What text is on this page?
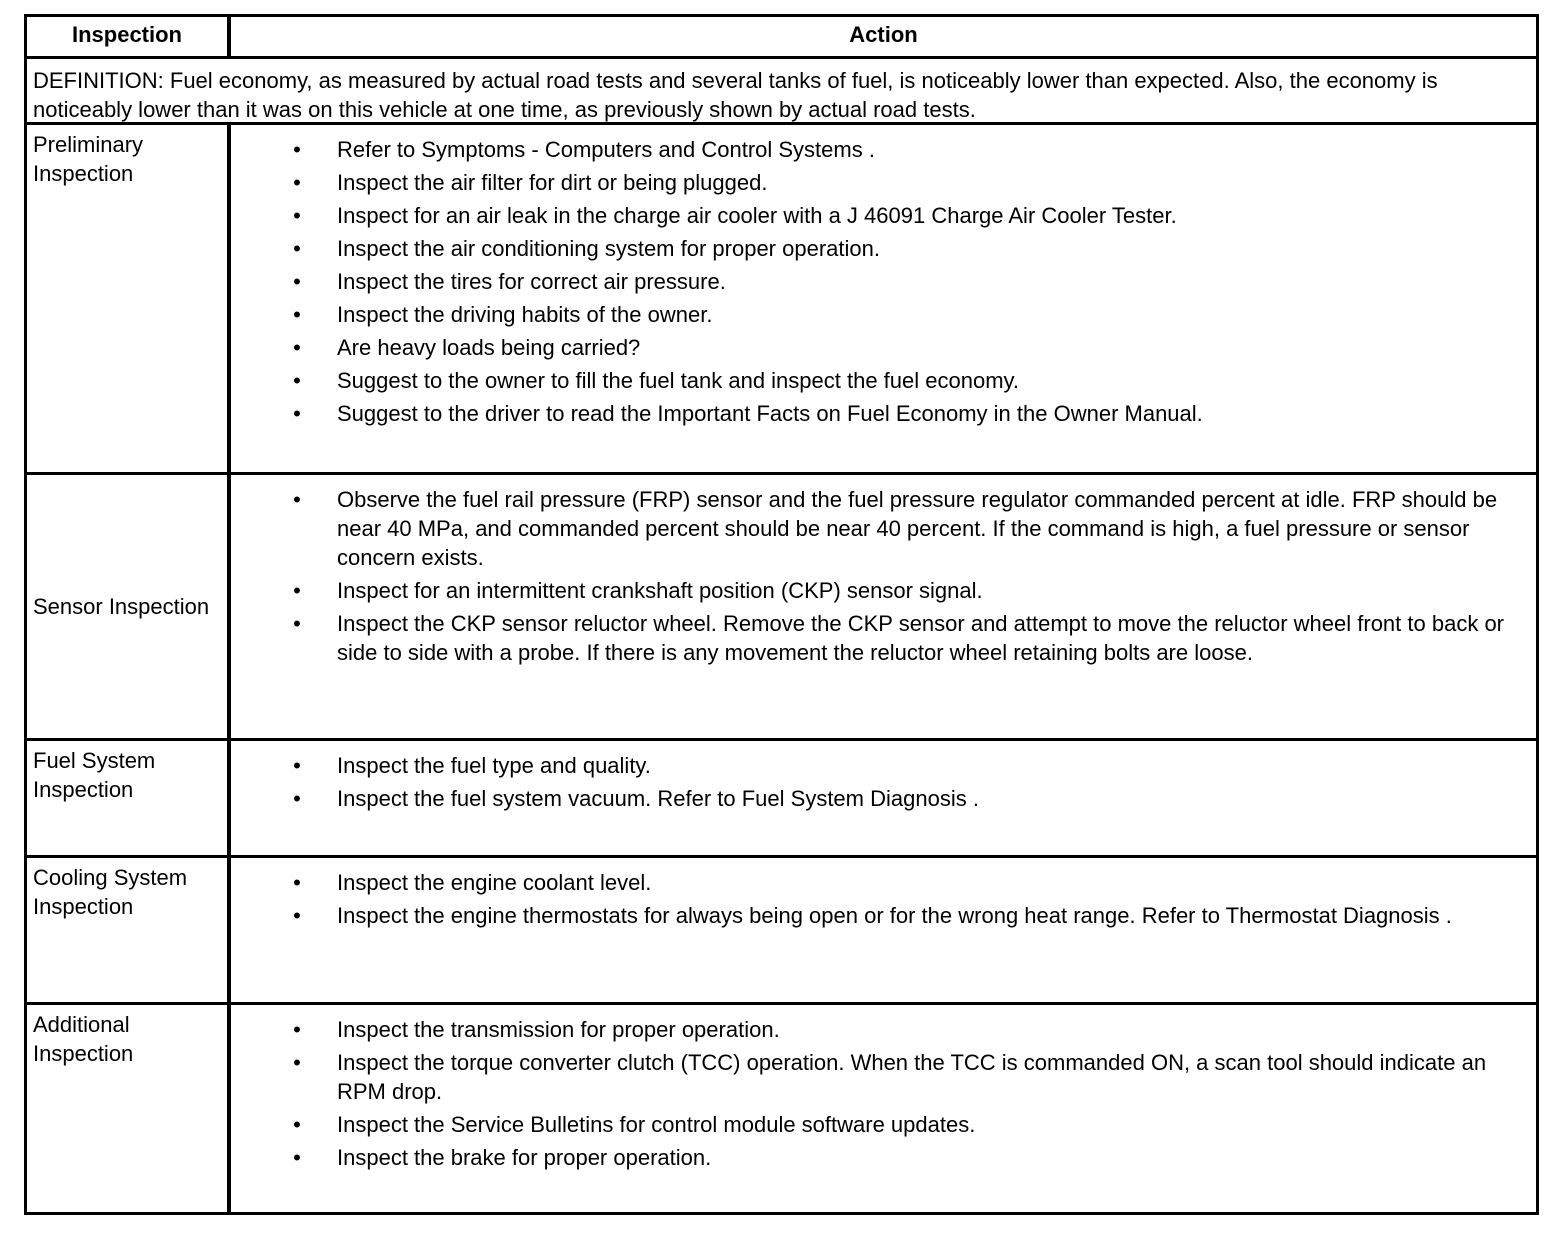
Inspection	Action
DEFINITION: Fuel economy, as measured by actual road tests and several tanks of fuel, is noticeably lower than expected. Also, the economy is noticeably lower than it was on this vehicle at one time, as previously shown by actual road tests.
Preliminary Inspection
• Refer to Symptoms - Computers and Control Systems .
• Inspect the air filter for dirt or being plugged.
• Inspect for an air leak in the charge air cooler with a J 46091 Charge Air Cooler Tester.
• Inspect the air conditioning system for proper operation.
• Inspect the tires for correct air pressure.
• Inspect the driving habits of the owner.
• Are heavy loads being carried?
• Suggest to the owner to fill the fuel tank and inspect the fuel economy.
• Suggest to the driver to read the Important Facts on Fuel Economy in the Owner Manual.
Sensor Inspection
• Observe the fuel rail pressure (FRP) sensor and the fuel pressure regulator commanded percent at idle. FRP should be near 40 MPa, and commanded percent should be near 40 percent. If the command is high, a fuel pressure or sensor concern exists.
• Inspect for an intermittent crankshaft position (CKP) sensor signal.
• Inspect the CKP sensor reluctor wheel. Remove the CKP sensor and attempt to move the reluctor wheel front to back or side to side with a probe. If there is any movement the reluctor wheel retaining bolts are loose.
Fuel System Inspection
• Inspect the fuel type and quality.
• Inspect the fuel system vacuum. Refer to Fuel System Diagnosis .
Cooling System Inspection
• Inspect the engine coolant level.
• Inspect the engine thermostats for always being open or for the wrong heat range. Refer to Thermostat Diagnosis .
Additional Inspection
• Inspect the transmission for proper operation.
• Inspect the torque converter clutch (TCC) operation. When the TCC is commanded ON, a scan tool should indicate an RPM drop.
• Inspect the Service Bulletins for control module software updates.
• Inspect the brake for proper operation.
